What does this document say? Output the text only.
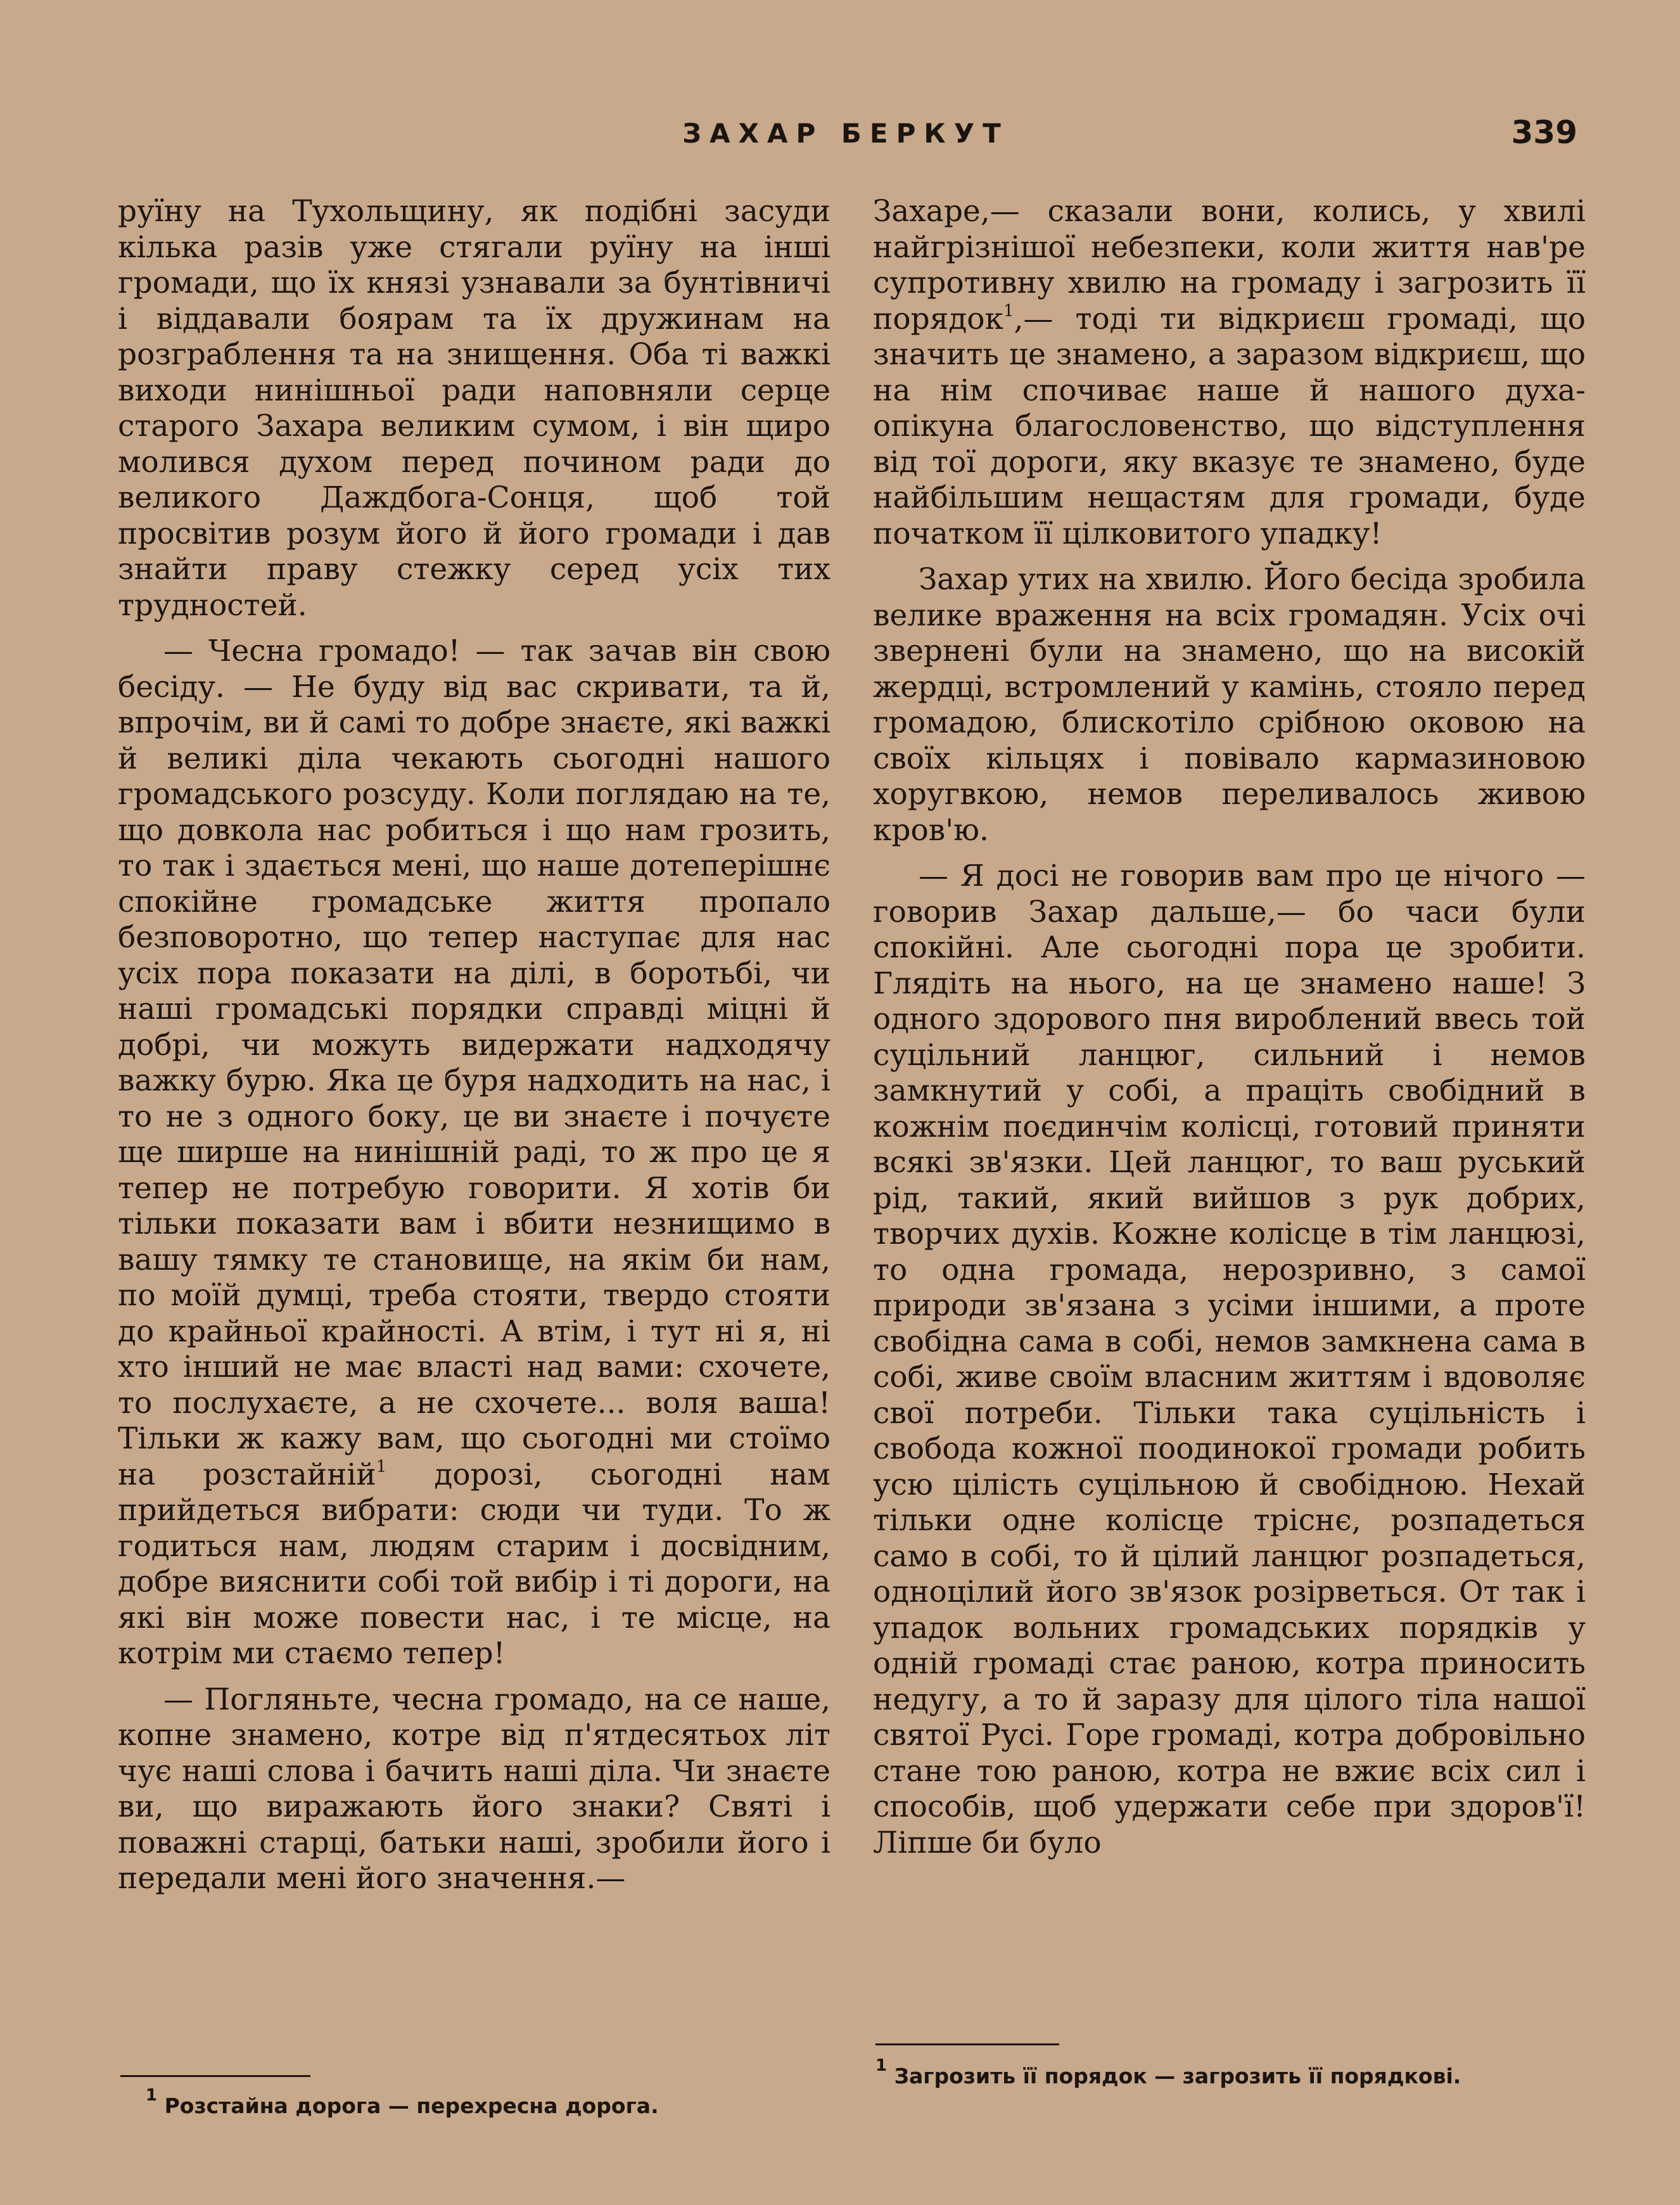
ЗАХАР БЕРКУТ	339

руїну на Тухольщину, як подібні засуди кілька разів уже стягали руїну на інші громади, що їх князі узнавали за бунтівничі і віддавали боярам та їх дружинам на розграблення та на знищення. Оба ті важкі виходи нинішньої ради наповняли серце старого Захара великим сумом, і він щиро молився духом перед почином ради до великого Даждбога-Сонця, щоб той просвітив розум його й його громади і дав знайти праву стежку серед усіх тих трудностей.

— Чесна громадо! — так зачав він свою бесіду. — Не буду від вас скривати, та й, впрочім, ви й самі то добре знаєте, які важкі й великі діла чекають сьогодні нашого громадського розсуду. Коли поглядаю на те, що довкола нас робиться і що нам грозить, то так і здається мені, що наше дотеперішнє спокійне громадське життя пропало безповоротно, що тепер наступає для нас усіх пора показати на ділі, в боротьбі, чи наші громадські порядки справді міцні й добрі, чи можуть видержати надходячу важку бурю. Яка це буря надходить на нас, і то не з одного боку, це ви знаєте і почуєте ще ширше на нинішній раді, то ж про це я тепер не потребую говорити. Я хотів би тільки показати вам і вбити незнищимо в вашу тямку те становище, на якім би нам, по моїй думці, треба стояти, твердо стояти до крайньої крайності. А втім, і тут ні я, ні хто інший не має власті над вами: схочете, то послухаєте, а не схочете... воля ваша! Тільки ж кажу вам, що сьогодні ми стоїмо на розстайній$^1$ дорозі, сьогодні нам прийдеться вибрати: сюди чи туди. То ж годиться нам, людям старим і досвідним, добре вияснити собі той вибір і ті дороги, на які він може повести нас, і те місце, на котрім ми стаємо тепер!

— Погляньте, чесна громадо, на се наше, копне знамено, котре від п'ятдесятьох літ чує наші слова і бачить наші діла. Чи знаєте ви, що виражають його знаки? Святі і поважні старці, батьки наші, зробили його і передали мені його значення.—

$^1$ Розстайна дорога — перехресна дорога.

Захаре,— сказали вони, колись, у хвилі найгрізнішої небезпеки, коли життя нав'ре супротивну хвилю на громаду і загрозить її порядок$^1$,— тоді ти відкриєш громаді, що значить це знамено, а заразом відкриєш, що на нім спочиває наше й нашого духа-опікуна благословенство, що відступлення від тої дороги, яку вказує те знамено, буде найбільшим нещастям для громади, буде початком її цілковитого упадку!

Захар утих на хвилю. Його бесіда зробила велике враження на всіх громадян. Усіх очі звернені були на знамено, що на високій жердці, встромлений у камінь, стояло перед громадою, блискотіло срібною оковою на своїх кільцях і повівало кармазиновою хоругвкою, немов переливалось живою кров'ю.

— Я досі не говорив вам про це нічого — говорив Захар дальше,— бо часи були спокійні. Але сьогодні пора це зробити. Глядіть на нього, на це знамено наше! З одного здорового пня вироблений ввесь той суцільний ланцюг, сильний і немов замкнутий у собі, а праціть свобідний в кожнім поєдинчім колісці, готовий приняти всякі зв'язки. Цей ланцюг, то ваш руський рід, такий, який вийшов з рук добрих, творчих духів. Кожне колісце в тім ланцюзі, то одна громада, нерозривно, з самої природи зв'язана з усіми іншими, а проте свобідна сама в собі, немов замкнена сама в собі, живе своїм власним життям і вдоволяє свої потреби. Тільки така суцільність і свобода кожної поодинокої громади робить усю цілість суцільною й свобідною. Нехай тільки одне колісце тріснє, розпадеться само в собі, то й цілий ланцюг розпадеться, одноцілий його зв'язок розірветься. От так і упадок вольних громадських порядків у одній громаді стає раною, котра приносить недугу, а то й заразу для цілого тіла нашої святої Русі. Горе громаді, котра добровільно стане тою раною, котра не вжиє всіх сил і способів, щоб удержати себе при здоров'ї! Ліпше би було

$^1$ Загрозить її порядок — загрозить її порядкові.
